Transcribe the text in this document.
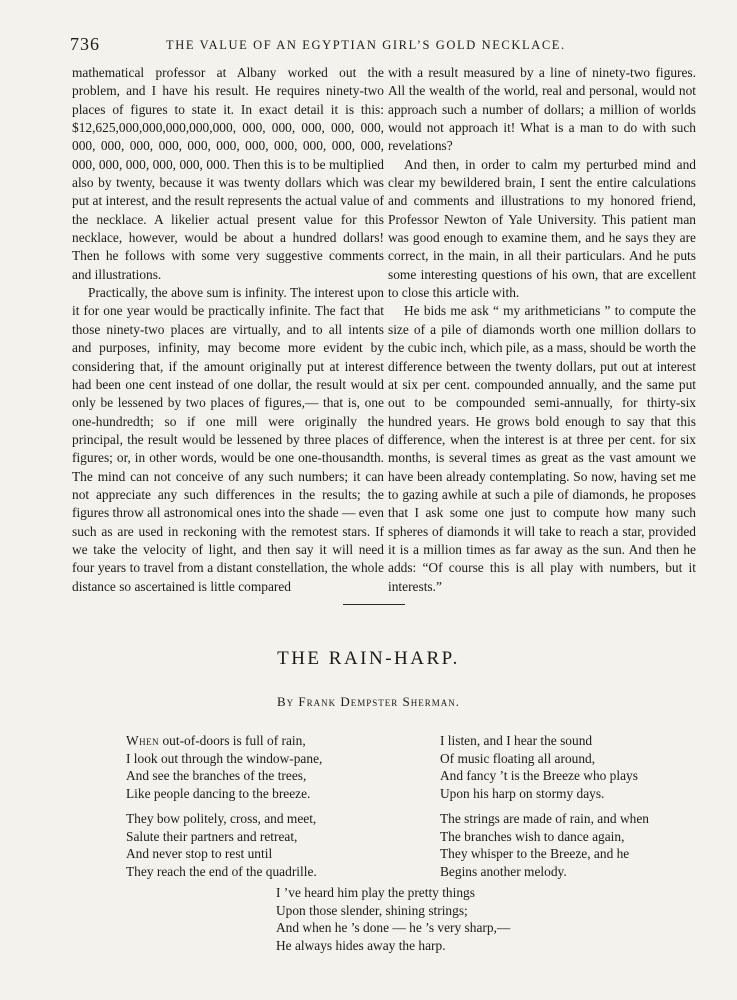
736	THE VALUE OF AN EGYPTIAN GIRL’S GOLD NECKLACE.

mathematical professor at Albany worked out the problem, and I have his result. He requires ninety-two places of figures to state it. In exact detail it is this: $12,625,000,000,000,000,000, 000, 000, 000, 000, 000, 000, 000, 000, 000, 000, 000, 000, 000, 000, 000, 000, 000, 000, 000, 000, 000, 000. Then this is to be multiplied also by twenty, because it was twenty dollars which was put at interest, and the result represents the actual value of the necklace. A likelier actual present value for this necklace, however, would be about a hundred dollars! Then he follows with some very suggestive comments and illustrations.

Practically, the above sum is infinity. The interest upon it for one year would be practically infinite. The fact that those ninety-two places are virtually, and to all intents and purposes, infinity, may become more evident by considering that, if the amount originally put at interest had been one cent instead of one dollar, the result would only be lessened by two places of figures,— that is, one one-hundredth; so if one mill were originally the principal, the result would be lessened by three places of figures; or, in other words, would be one one-thousandth. The mind can not conceive of any such numbers; it can not appreciate any such differences in the results; the figures throw all astronomical ones into the shade — even such as are used in reckoning with the remotest stars. If we take the velocity of light, and then say it will need four years to travel from a distant constellation, the whole distance so ascertained is little compared

with a result measured by a line of ninety-two figures. All the wealth of the world, real and personal, would not approach such a number of dollars; a million of worlds would not approach it! What is a man to do with such revelations?

And then, in order to calm my perturbed mind and clear my bewildered brain, I sent the entire calculations and comments and illustrations to my honored friend, Professor Newton of Yale University. This patient man was good enough to examine them, and he says they are correct, in the main, in all their particulars. And he puts some interesting questions of his own, that are excellent to close this article with.

He bids me ask “ my arithmeticians ” to compute the size of a pile of diamonds worth one million dollars to the cubic inch, which pile, as a mass, should be worth the difference between the twenty dollars, put out at interest at six per cent. compounded annually, and the same put out to be compounded semi-annually, for thirty-six hundred years. He grows bold enough to say that this difference, when the interest is at three per cent. for six months, is several times as great as the vast amount we have been already contemplating. So now, having set me to gazing awhile at such a pile of diamonds, he proposes that I ask some one just to compute how many such spheres of diamonds it will take to reach a star, provided it is a million times as far away as the sun. And then he adds: “Of course this is all play with numbers, but it interests.”

THE RAIN-HARP.
By Frank Dempster Sherman.
When out-of-doors is full of rain,
I look out through the window-pane,
And see the branches of the trees,
Like people dancing to the breeze.
They bow politely, cross, and meet,
Salute their partners and retreat,
And never stop to rest until
They reach the end of the quadrille.
I listen, and I hear the sound
Of music floating all around,
And fancy ’t is the Breeze who plays
Upon his harp on stormy days.
The strings are made of rain, and when
The branches wish to dance again,
They whisper to the Breeze, and he
Begins another melody.
I ’ve heard him play the pretty things
Upon those slender, shining strings;
And when he ’s done — he ’s very sharp,—
He always hides away the harp.
